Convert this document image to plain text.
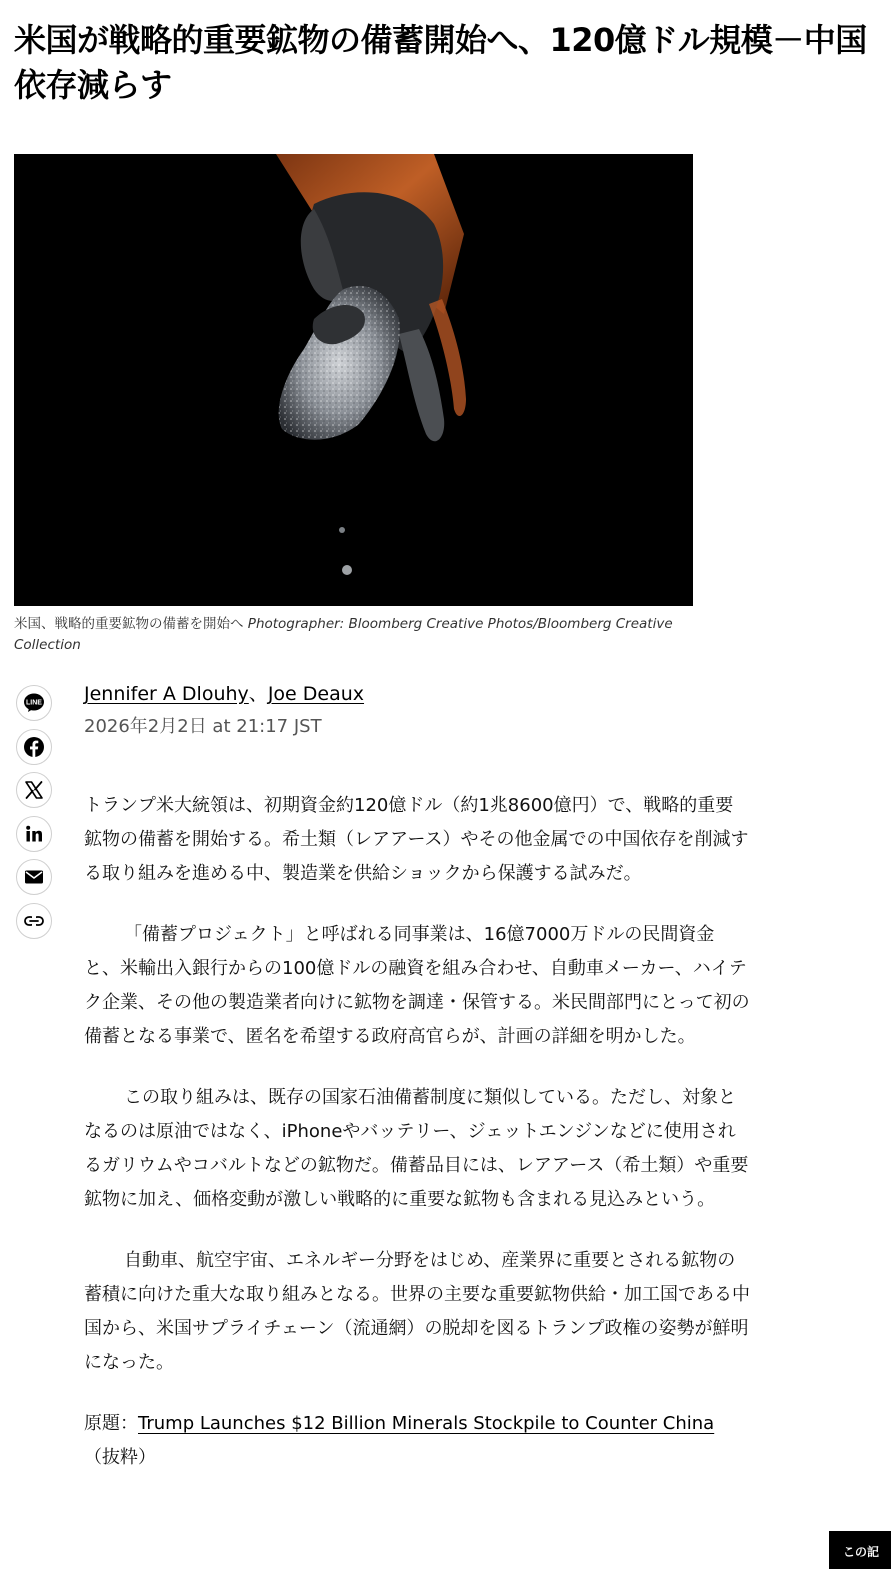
米国が戦略的重要鉱物の備蓄開始へ、120億ドル規模－中国依存減らす
米国、戦略的重要鉱物の備蓄を開始へ Photographer: Bloomberg Creative Photos/Bloomberg Creative Collection
LINE Jennifer A Dlouhy、Joe Deaux
2026年2月2日 at 21:17 JST

トランプ米大統領は、初期資金約120億ドル（約1兆8600億円）で、戦略的重要鉱物の備蓄を開始する。希土類（レアアース）やその他金属での中国依存を削減する取り組みを進める中、製造業を供給ショックから保護する試みだ。

「備蓄プロジェクト」と呼ばれる同事業は、16億7000万ドルの民間資金と、米輸出入銀行からの100億ドルの融資を組み合わせ、自動車メーカー、ハイテク企業、その他の製造業者向けに鉱物を調達・保管する。米民間部門にとって初の備蓄となる事業で、匿名を希望する政府高官らが、計画の詳細を明かした。

この取り組みは、既存の国家石油備蓄制度に類似している。ただし、対象となるのは原油ではなく、iPhoneやバッテリー、ジェットエンジンなどに使用されるガリウムやコバルトなどの鉱物だ。備蓄品目には、レアアース（希土類）や重要鉱物に加え、価格変動が激しい戦略的に重要な鉱物も含まれる見込みという。

自動車、航空宇宙、エネルギー分野をはじめ、産業界に重要とされる鉱物の蓄積に向けた重大な取り組みとなる。世界の主要な重要鉱物供給・加工国である中国から、米国サプライチェーン（流通網）の脱却を図るトランプ政権の姿勢が鮮明になった。

原題：Trump Launches $12 Billion Minerals Stockpile to Counter China
（抜粋）

この記
